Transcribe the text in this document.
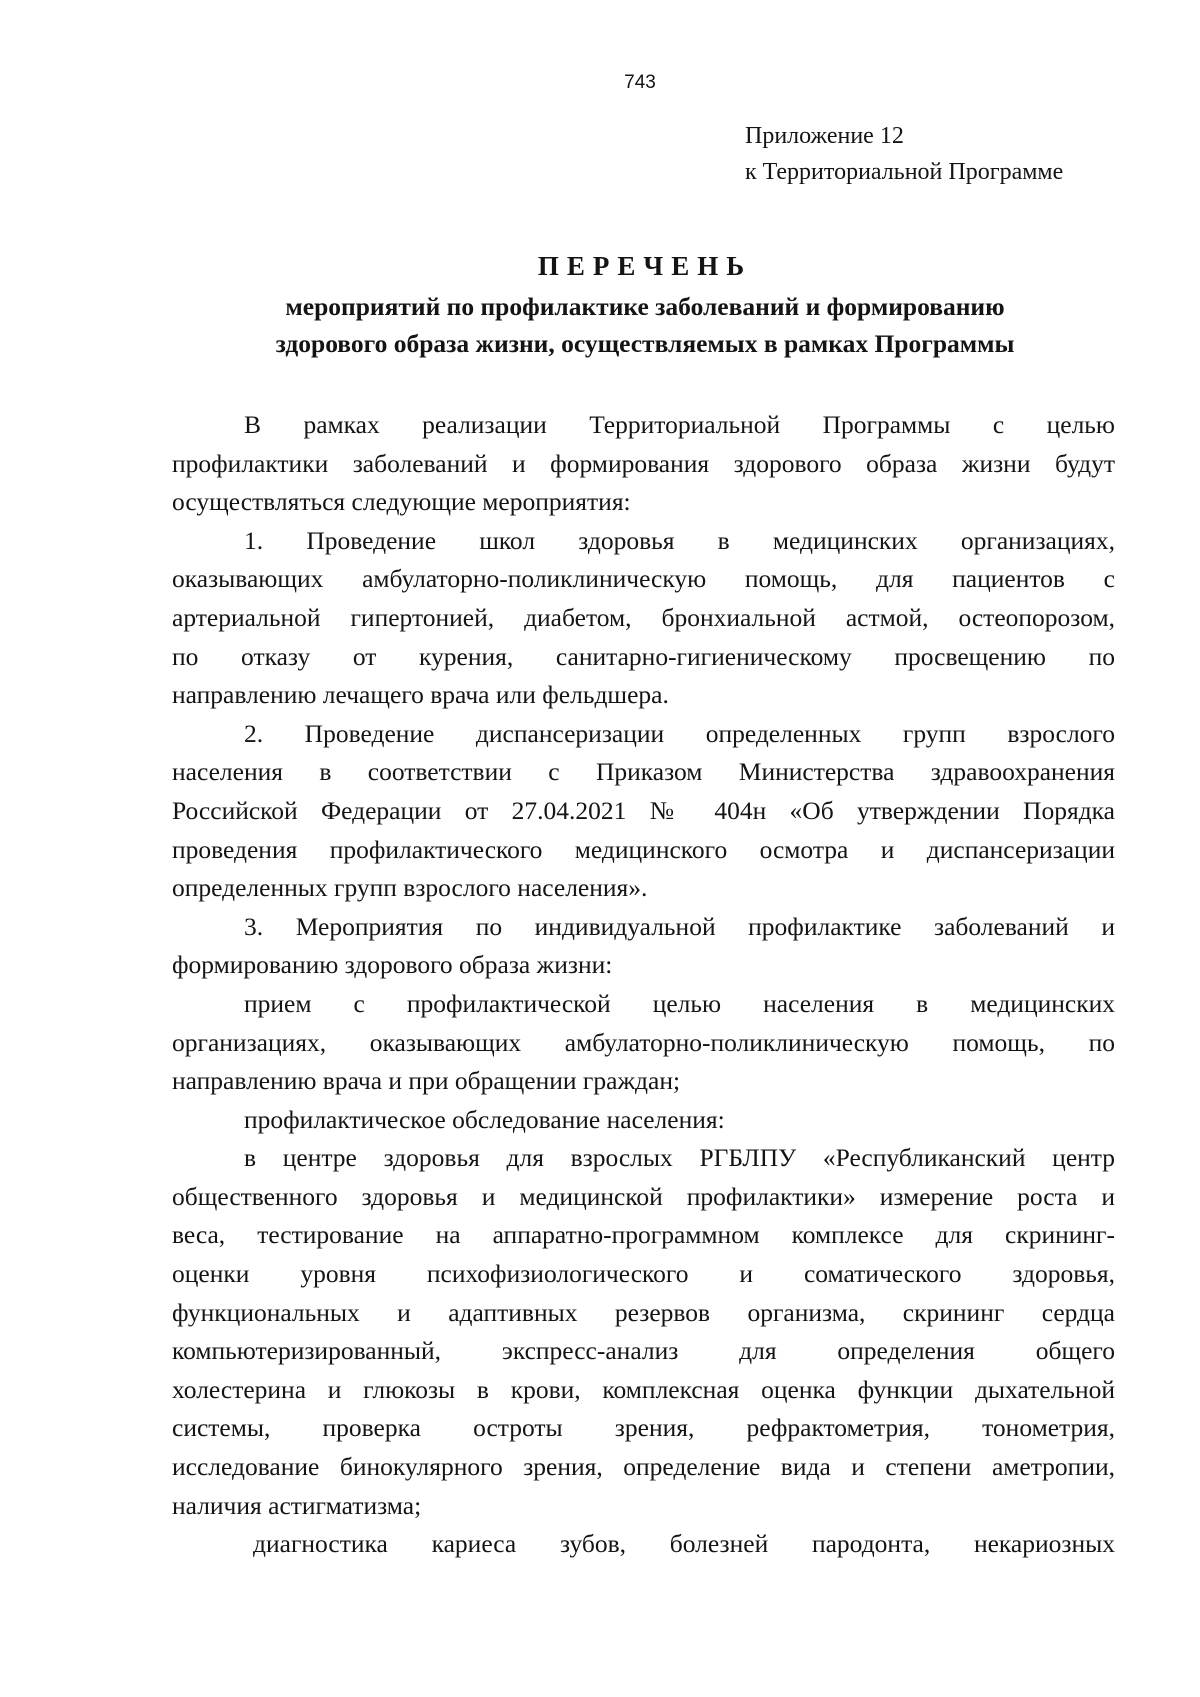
743
Приложение 12
к Территориальной Программе
ПЕРЕЧЕНЬ
мероприятий по профилактике заболеваний и формированию
здорового образа жизни, осуществляемых в рамках Программы
В рамках реализации Территориальной Программы с целью
профилактики заболеваний и формирования здорового образа жизни будут
осуществляться следующие мероприятия:
1. Проведение школ здоровья в медицинских организациях,
оказывающих амбулаторно-поликлиническую помощь, для пациентов с
артериальной гипертонией, диабетом, бронхиальной астмой, остеопорозом,
по отказу от курения, санитарно-гигиеническому просвещению по
направлению лечащего врача или фельдшера.
2. Проведение диспансеризации определенных групп взрослого
населения в соответствии с Приказом Министерства здравоохранения
Российской Федерации от 27.04.2021 № 404н «Об утверждении Порядка
проведения профилактического медицинского осмотра и диспансеризации
определенных групп взрослого населения».
3. Мероприятия по индивидуальной профилактике заболеваний и
формированию здорового образа жизни:
прием с профилактической целью населения в медицинских
организациях, оказывающих амбулаторно-поликлиническую помощь, по
направлению врача и при обращении граждан;
профилактическое обследование населения:
в центре здоровья для взрослых РГБЛПУ «Республиканский центр
общественного здоровья и медицинской профилактики» измерение роста и
веса, тестирование на аппаратно-программном комплексе для скрининг-
оценки уровня психофизиологического и соматического здоровья,
функциональных и адаптивных резервов организма, скрининг сердца
компьютеризированный, экспресс-анализ для определения общего
холестерина и глюкозы в крови, комплексная оценка функции дыхательной
системы, проверка остроты зрения, рефрактометрия, тонометрия,
исследование бинокулярного зрения, определение вида и степени аметропии,
наличия астигматизма;
диагностика кариеса зубов, болезней пародонта, некариозных
